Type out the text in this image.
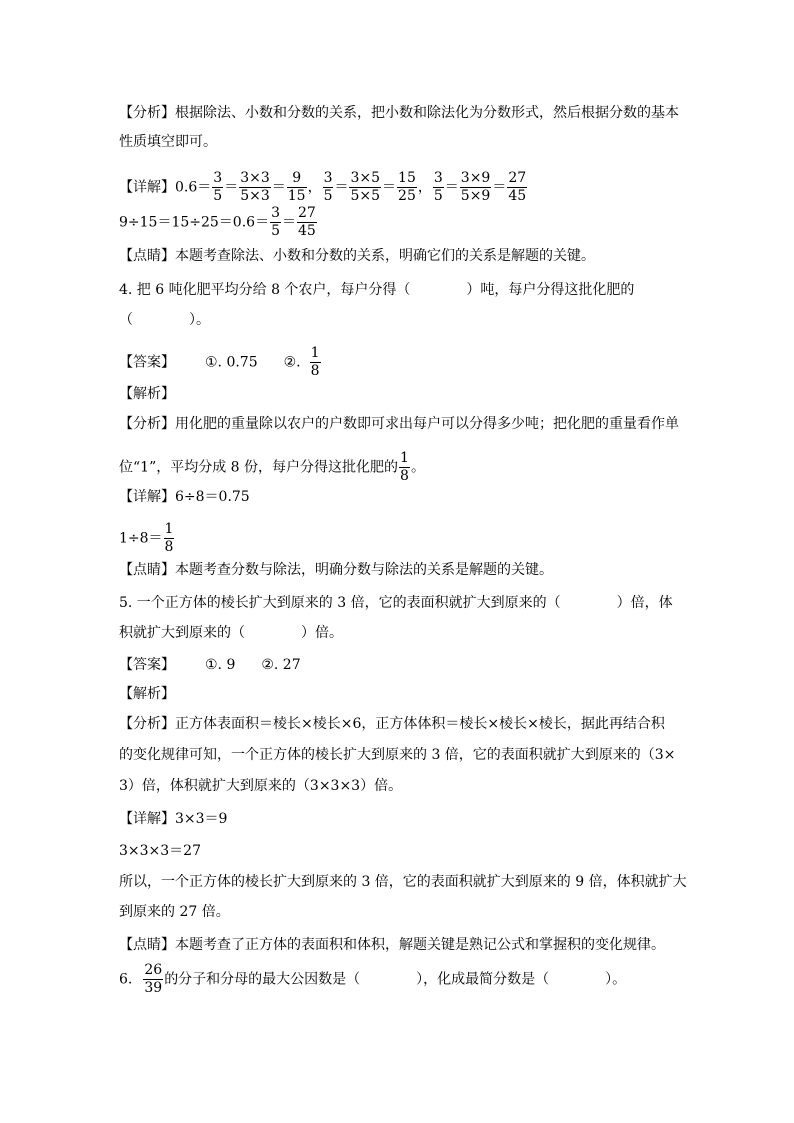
【分析】根据除法、小数和分数的关系，把小数和除法化为分数形式，然后根据分数的基本
性质填空即可。
【详解】$0.6= \frac{3}{5} = \frac{3\times 3}{5\times 3} = \frac{9}{15}$ ， $\frac{3}{5} = \frac{3\times 5}{5\times 5} = \frac{15}{25}$ ， $\frac{3}{5} = \frac{3\times 9}{5\times 9} = \frac{27}{45}$
$9\div 15=15\div 25=0.6= \frac{3}{5} = \frac{27}{45}$
【点睛】本题考查除法、小数和分数的关系，明确它们的关系是解题的关键。
4. 把 6 吨化肥平均分给 8 个农户，每户分得（　　　　）吨，每户分得这批化肥的
（　　　　）。
【答案】 ①. 0.75 ②. $\frac{1}{8}$
【解析】
【分析】用化肥的重量除以农户的户数即可求出每户可以分得多少吨；把化肥的重量看作单
位“1”，平均分成 8 份，每户分得这批化肥的 $\frac{1}{8}$ 。
【详解】6÷8＝0.75
$1\div 8= \frac{1}{8}$
【点睛】本题考查分数与除法，明确分数与除法的关系是解题的关键。
5. 一个正方体的棱长扩大到原来的 3 倍，它的表面积就扩大到原来的（　　　　）倍，体
积就扩大到原来的（　　　　）倍。
【答案】 ①. 9 ②. 27
【解析】
【分析】正方体表面积＝棱长×棱长×6，正方体体积＝棱长×棱长×棱长，据此再结合积
的变化规律可知，一个正方体的棱长扩大到原来的 3 倍，它的表面积就扩大到原来的（3×
3）倍，体积就扩大到原来的（3×3×3）倍。
【详解】3×3＝9
3×3×3＝27
所以，一个正方体的棱长扩大到原来的 3 倍，它的表面积就扩大到原来的 9 倍，体积就扩大
到原来的 27 倍。
【点睛】本题考查了正方体的表面积和体积，解题关键是熟记公式和掌握积的变化规律。
6. $\frac{26}{39}$ 的分子和分母的最大公因数是（　　　　），化成最简分数是（　　　　）。
